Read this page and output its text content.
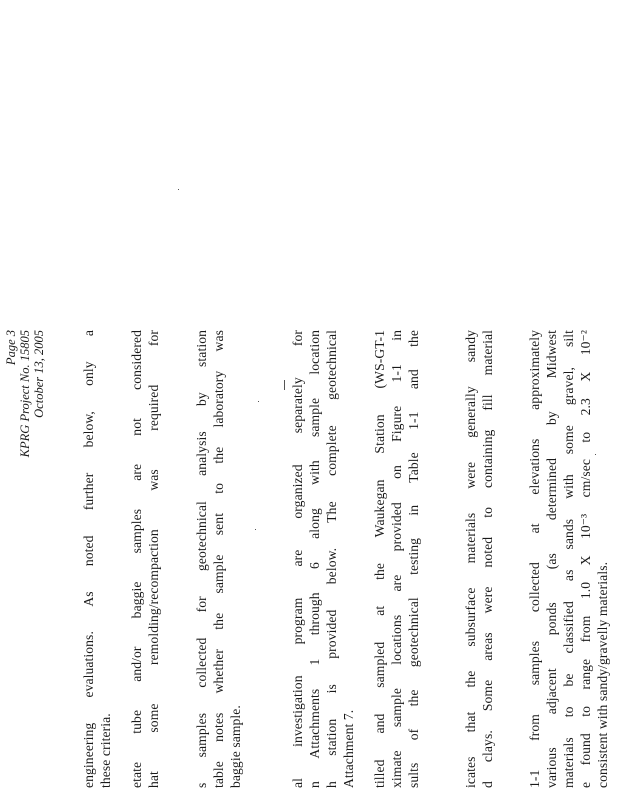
Page 3 KPRG Project No. 15805 October 13, 2005	engineering evaluations. As noted further below, only a these criteria. etate tube and/or baggie samples are not considered hat some remolding/recompaction was required for s samples collected for geotechnical analysis by station table notes whether the sample sent to the laboratory was baggie sample.	al investigation program are organized separately for n Attachments 1 through 6 along with sample location h station is provided below. The complete geotechnical Attachment 7. tilled and sampled at the Waukegan Station (WS-GT-1 ximate sample locations are provided on Figure 1-1 in sults of the geotechnical testing in Table 1-1 and the	icates that the subsurface materials were generally sandy d clays. Some areas were noted to containing fill material 1-1 from samples collected at elevations approximately various adjacent ponds (as determined by Midwest materials to be classified as sands with some gravel, silt e found to range from 1.0 X 10⁻³ cm/sec to 2.3 X 10⁻² consistent with sandy/gravelly materials.
